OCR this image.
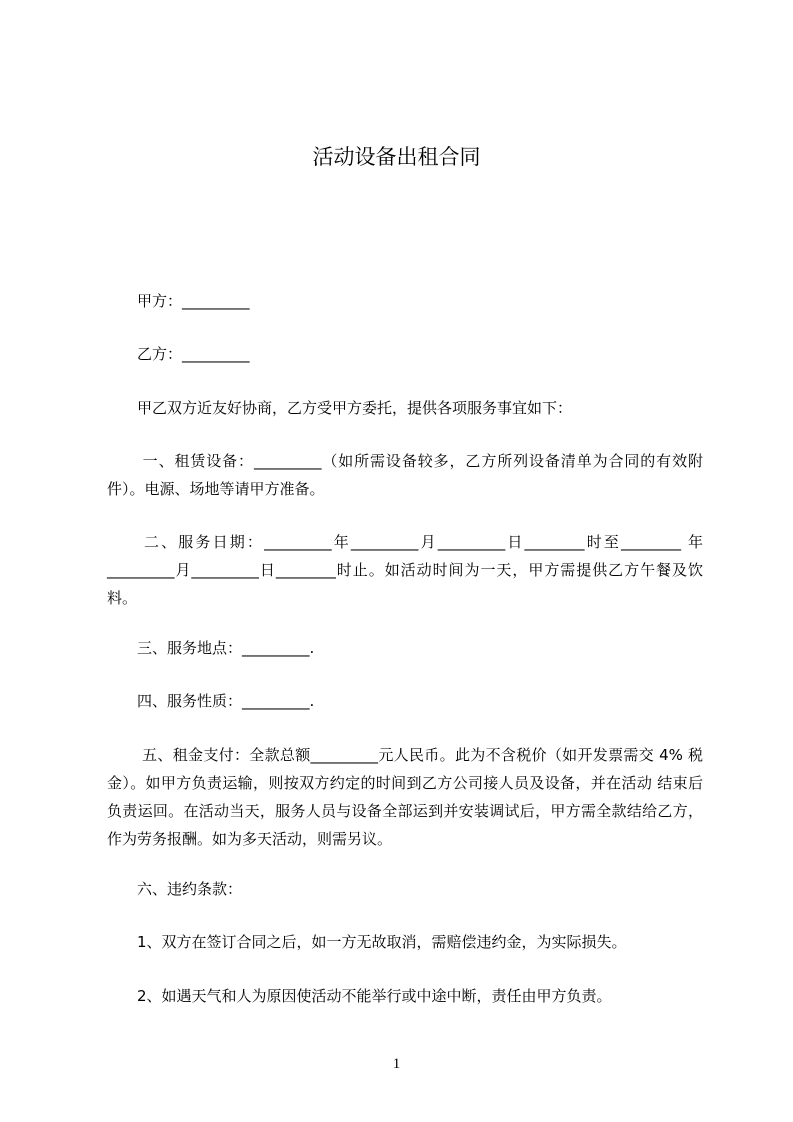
活动设备出租合同

甲方：_________

乙方：_________

甲乙双方近友好协商，乙方受甲方委托，提供各项服务事宜如下：

一、租赁设备：_________（如所需设备较多，乙方所列设备清单为合同的有效附件）。电源、场地等请甲方准备。

二、服务日期：_________年_________月_________日________时至________ 年_________月_________日________时止。如活动时间为一天，甲方需提供乙方午餐及饮料。

三、服务地点：_________.

四、服务性质：_________.

五、租金支付：全款总额_________元人民币。此为不含税价（如开发票需交 4% 税金）。如甲方负责运输，则按双方约定的时间到乙方公司接人员及设备，并在活动 结束后负责运回。在活动当天，服务人员与设备全部运到并安装调试后，甲方需全款结给乙方，作为劳务报酬。如为多天活动，则需另议。

六、违约条款：

1、双方在签订合同之后，如一方无故取消，需赔偿违约金，为实际损失。

2、如遇天气和人为原因使活动不能举行或中途中断，责任由甲方负责。

1
